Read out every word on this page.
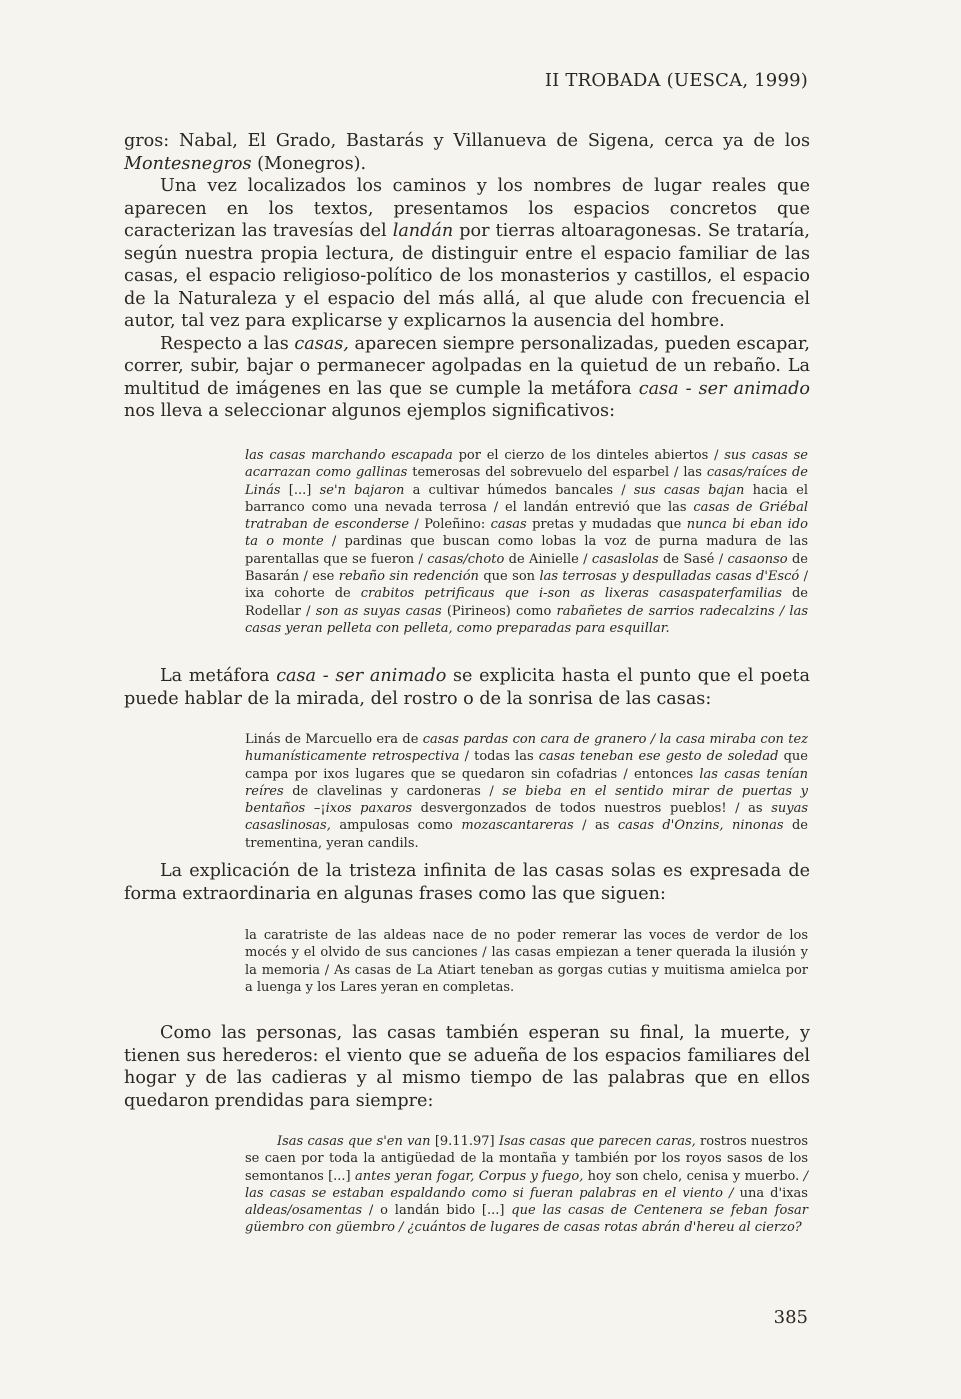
II TROBADA (UESCA, 1999)

gros: Nabal, El Grado, Bastarás y Villanueva de Sigena, cerca ya de los Montesnegros (Monegros).

Una vez localizados los caminos y los nombres de lugar reales que aparecen en los textos, presentamos los espacios concretos que caracterizan las travesías del landán por tierras altoaragonesas. Se trataría, según nuestra propia lectura, de distinguir entre el espacio familiar de las casas, el espacio religioso-político de los monasterios y castillos, el espacio de la Naturaleza y el espacio del más allá, al que alude con frecuencia el autor, tal vez para explicarse y explicarnos la ausencia del hombre.

Respecto a las casas, aparecen siempre personalizadas, pueden escapar, correr, subir, bajar o permanecer agolpadas en la quietud de un rebaño. La multitud de imágenes en las que se cumple la metáfora casa - ser animado nos lleva a seleccionar algunos ejemplos significativos:

las casas marchando escapada por el cierzo de los dinteles abiertos / sus casas se acarrazan como gallinas temerosas del sobrevuelo del esparbel / las casas/raíces de Linás [...] se'n bajaron a cultivar húmedos bancales / sus casas bajan hacia el barranco como una nevada terrosa / el landán entrevió que las casas de Griébal tratraban de esconderse / Poleñino: casas pretas y mudadas que nunca bi eban ido ta o monte / pardinas que buscan como lobas la voz de purna madura de las parentallas que se fueron / casas/choto de Ainielle / casaslolas de Sasé / casaonso de Basarán / ese rebaño sin redención que son las terrosas y despulladas casas d'Escó / ixa cohorte de crabitos petrificaus que i-son as lixeras casaspaterfamilias de Rodellar / son as suyas casas (Pirineos) como rabañetes de sarrios radecalzins / las casas yeran pelleta con pelleta, como preparadas para esquillar.

La metáfora casa - ser animado se explicita hasta el punto que el poeta puede hablar de la mirada, del rostro o de la sonrisa de las casas:

Linás de Marcuello era de casas pardas con cara de granero / la casa miraba con tez humanísticamente retrospectiva / todas las casas teneban ese gesto de soledad que campa por ixos lugares que se quedaron sin cofadrias / entonces las casas tenían reíres de clavelinas y cardoneras / se bieba en el sentido mirar de puertas y bentaños –¡ixos paxaros desvergonzados de todos nuestros pueblos! / as suyas casaslinosas, ampulosas como mozascantareras / as casas d'Onzins, ninonas de trementina, yeran candils.

La explicación de la tristeza infinita de las casas solas es expresada de forma extraordinaria en algunas frases como las que siguen:

la caratriste de las aldeas nace de no poder remerar las voces de verdor de los mocés y el olvido de sus canciones / las casas empiezan a tener querada la ilusión y la memoria / As casas de La Atiart teneban as gorgas cutias y muitisma amielca por a luenga y los Lares yeran en completas.

Como las personas, las casas también esperan su final, la muerte, y tienen sus herederos: el viento que se adueña de los espacios familiares del hogar y de las cadieras y al mismo tiempo de las palabras que en ellos quedaron prendidas para siempre:

Isas casas que s'en van [9.11.97] Isas casas que parecen caras, rostros nuestros se caen por toda la antigüedad de la montaña y también por los royos sasos de los semontanos [...] antes yeran fogar, Corpus y fuego, hoy son chelo, cenisa y muerbo. / las casas se estaban espaldando como si fueran palabras en el viento / una d'ixas aldeas/osamentas / o landán bido [...] que las casas de Centenera se feban fosar güembro con güembro / ¿cuántos de lugares de casas rotas abrán d'hereu al cierzo?

385
